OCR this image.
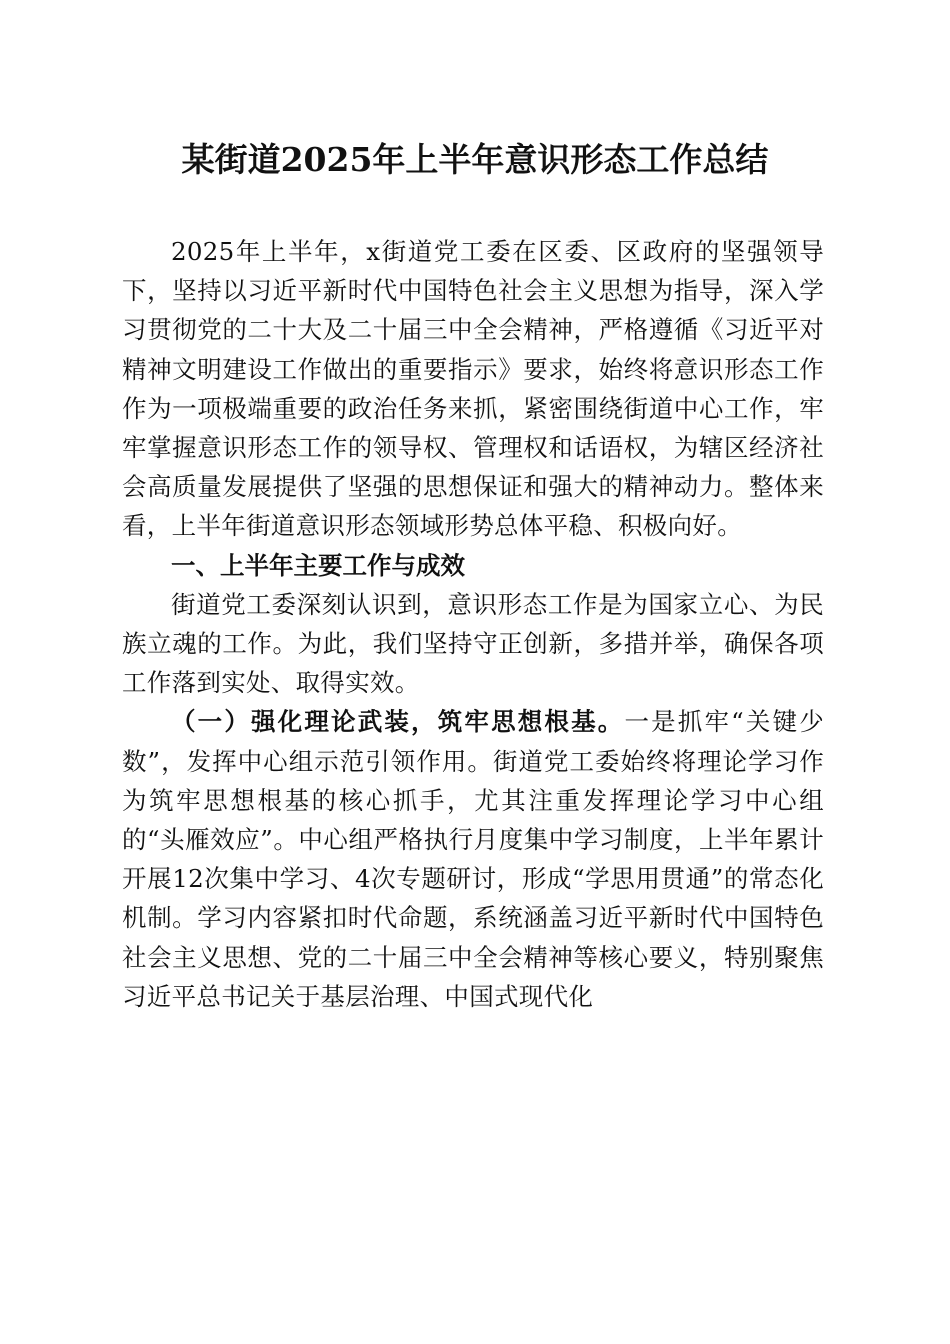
某街道2025年上半年意识形态工作总结

2025年上半年，x街道党工委在区委、区政府的坚强领导下，坚持以习近平新时代中国特色社会主义思想为指导，深入学习贯彻党的二十大及二十届三中全会精神，严格遵循《习近平对精神文明建设工作做出的重要指示》要求，始终将意识形态工作作为一项极端重要的政治任务来抓，紧密围绕街道中心工作，牢牢掌握意识形态工作的领导权、管理权和话语权，为辖区经济社会高质量发展提供了坚强的思想保证和强大的精神动力。整体来看，上半年街道意识形态领域形势总体平稳、积极向好。

一、上半年主要工作与成效

街道党工委深刻认识到，意识形态工作是为国家立心、为民族立魂的工作。为此，我们坚持守正创新，多措并举，确保各项工作落到实处、取得实效。

（一）强化理论武装，筑牢思想根基。一是抓牢“关键少数”，发挥中心组示范引领作用。街道党工委始终将理论学习作为筑牢思想根基的核心抓手，尤其注重发挥理论学习中心组的“头雁效应”。中心组严格执行月度集中学习制度，上半年累计开展12次集中学习、4次专题研讨，形成“学思用贯通”的常态化机制。学习内容紧扣时代命题，系统涵盖习近平新时代中国特色社会主义思想、党的二十届三中全会精神等核心要义，特别聚焦习近平总书记关于基层治理、中国式现代化
